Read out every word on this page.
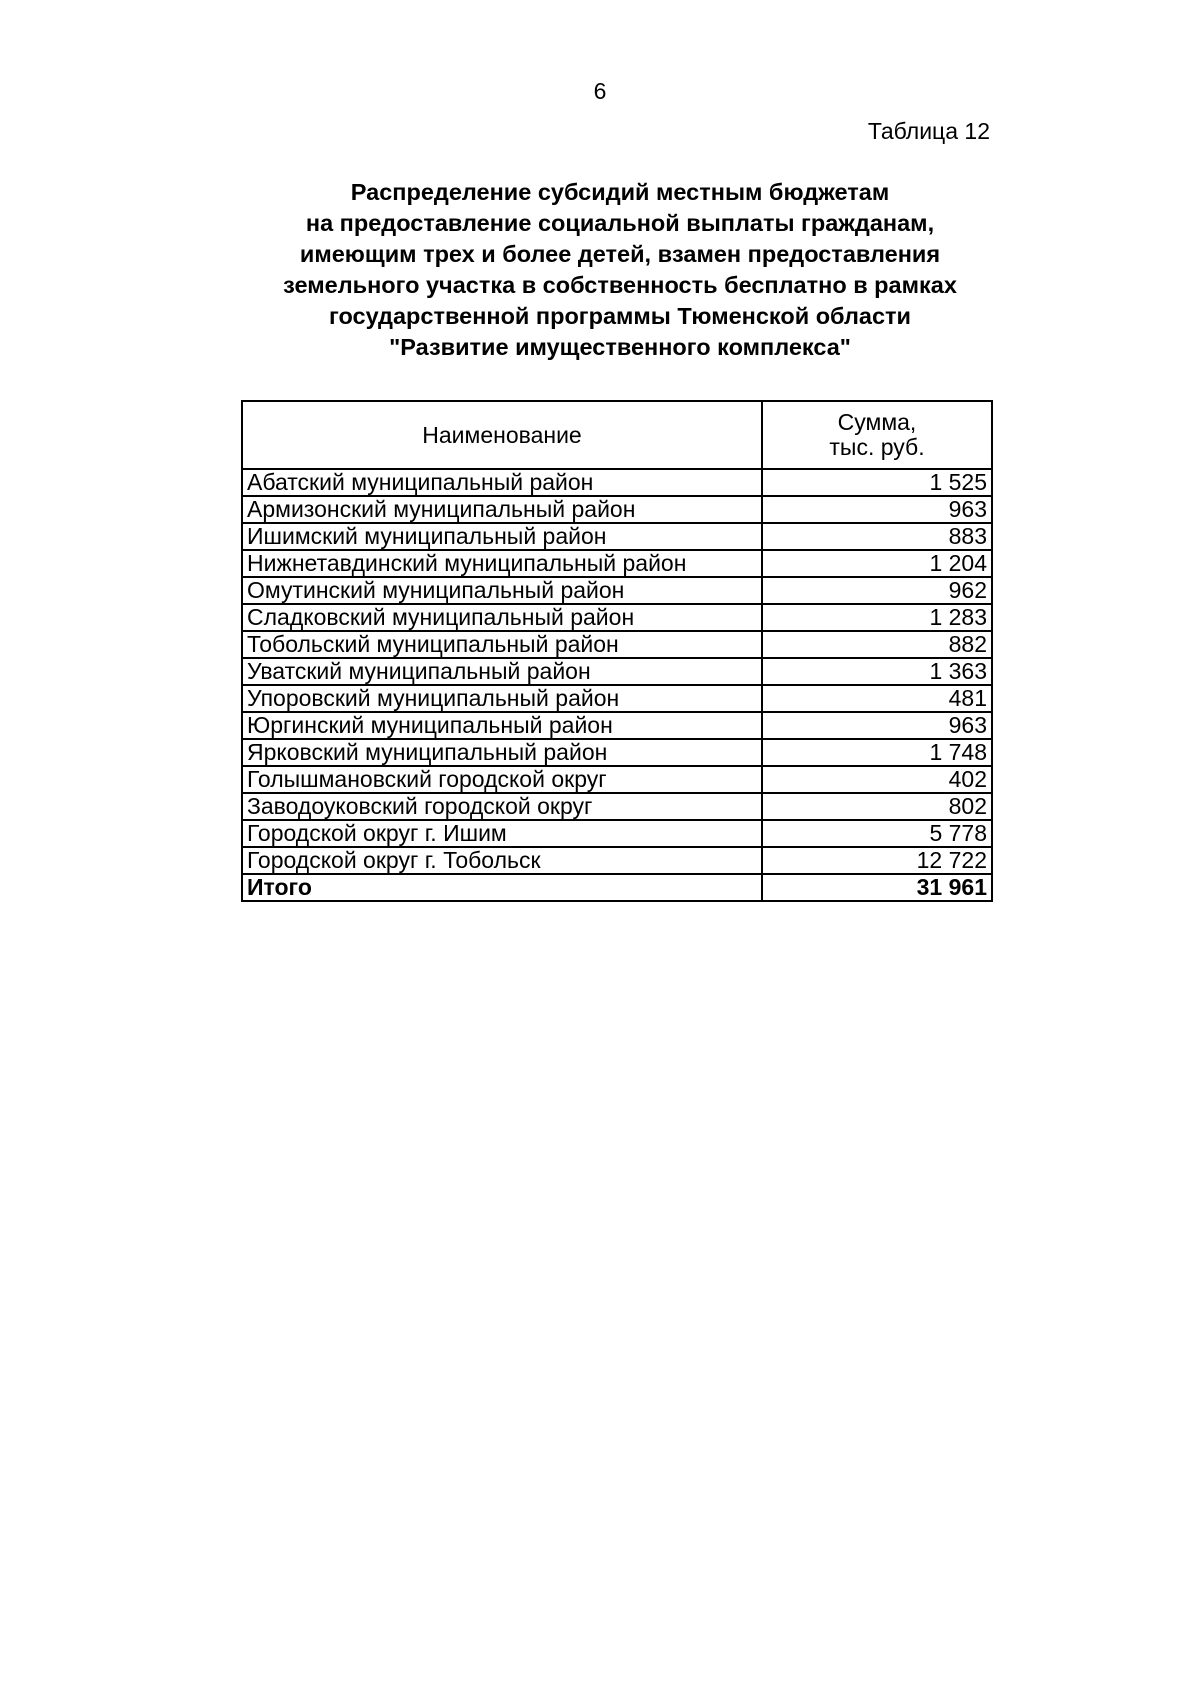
6
Таблица 12
Распределение субсидий местным бюджетам
на предоставление социальной выплаты гражданам,
имеющим трех и более детей, взамен предоставления
земельного участка в собственность бесплатно в рамках
государственной программы Тюменской области
"Развитие имущественного комплекса"
Наименование	Сумма,
тыс. руб.

Абатский муниципальный район	1 525
Армизонский муниципальный район	963
Ишимский муниципальный район	883
Нижнетавдинский муниципальный район	1 204
Омутинский муниципальный район	962
Сладковский муниципальный район	1 283
Тобольский муниципальный район	882
Уватский муниципальный район	1 363
Упоровский муниципальный район	481
Юргинский муниципальный район	963
Ярковский муниципальный район	1 748
Голышмановский городской округ	402
Заводоуковский городской округ	802
Городской округ г. Ишим	5 778
Городской округ г. Тобольск	12 722
Итого	31 961
